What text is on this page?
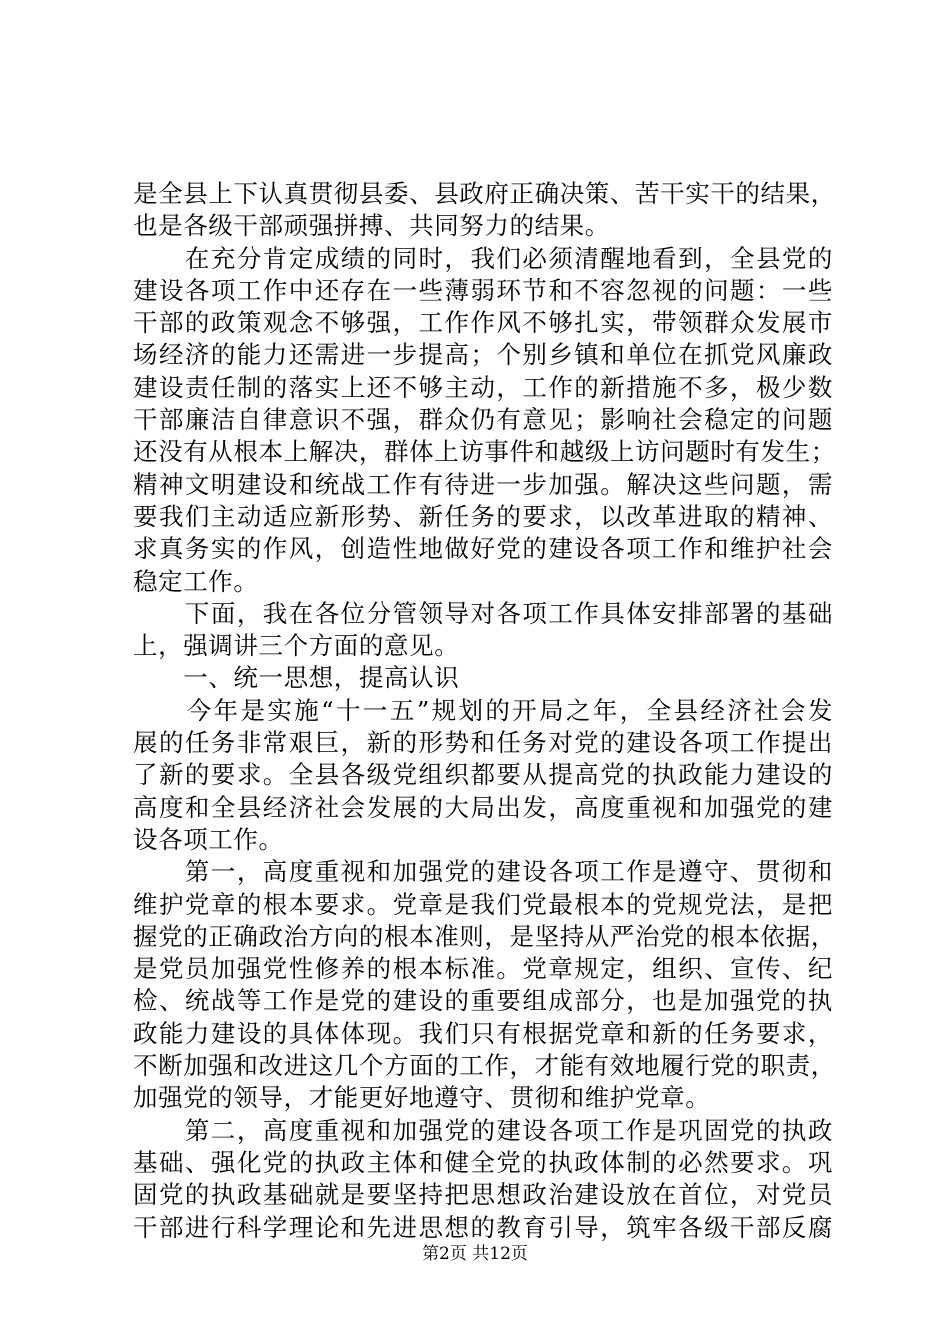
是全县上下认真贯彻县委、县政府正确决策、苦干实干的结果，
也是各级干部顽强拼搏、共同努力的结果。
　　在充分肯定成绩的同时，我们必须清醒地看到，全县党的
建设各项工作中还存在一些薄弱环节和不容忽视的问题：一些
干部的政策观念不够强，工作作风不够扎实，带领群众发展市
场经济的能力还需进一步提高；个别乡镇和单位在抓党风廉政
建设责任制的落实上还不够主动，工作的新措施不多，极少数
干部廉洁自律意识不强，群众仍有意见；影响社会稳定的问题
还没有从根本上解决，群体上访事件和越级上访问题时有发生；
精神文明建设和统战工作有待进一步加强。解决这些问题，需
要我们主动适应新形势、新任务的要求，以改革进取的精神、
求真务实的作风，创造性地做好党的建设各项工作和维护社会
稳定工作。
　　下面，我在各位分管领导对各项工作具体安排部署的基础
上，强调讲三个方面的意见。
　　一、统一思想，提高认识
　　今年是实施“十一五”规划的开局之年，全县经济社会发
展的任务非常艰巨，新的形势和任务对党的建设各项工作提出
了新的要求。全县各级党组织都要从提高党的执政能力建设的
高度和全县经济社会发展的大局出发，高度重视和加强党的建
设各项工作。
　　第一，高度重视和加强党的建设各项工作是遵守、贯彻和
维护党章的根本要求。党章是我们党最根本的党规党法，是把
握党的正确政治方向的根本准则，是坚持从严治党的根本依据，
是党员加强党性修养的根本标准。党章规定，组织、宣传、纪
检、统战等工作是党的建设的重要组成部分，也是加强党的执
政能力建设的具体体现。我们只有根据党章和新的任务要求，
不断加强和改进这几个方面的工作，才能有效地履行党的职责，
加强党的领导，才能更好地遵守、贯彻和维护党章。
　　第二，高度重视和加强党的建设各项工作是巩固党的执政
基础、强化党的执政主体和健全党的执政体制的必然要求。巩
固党的执政基础就是要坚持把思想政治建设放在首位，对党员
干部进行科学理论和先进思想的教育引导，筑牢各级干部反腐
第2页 共12页
